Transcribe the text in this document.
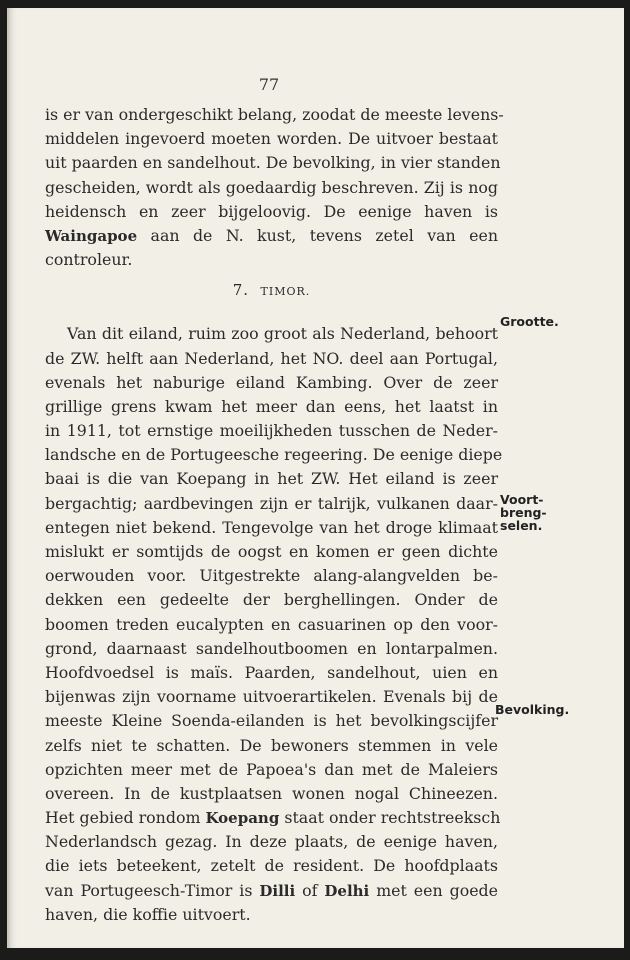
77
is er van ondergeschikt belang, zoodat de meeste levens-
middelen ingevoerd moeten worden. De uitvoer bestaat
uit paarden en sandelhout. De bevolking, in vier standen
gescheiden, wordt als goedaardig beschreven. Zij is nog
heidensch en zeer bijgeloovig. De eenige haven is
Waingapoe aan de N. kust, tevens zetel van een
controleur.
7. TIMOR.
Van dit eiland, ruim zoo groot als Nederland, behoort
de ZW. helft aan Nederland, het NO. deel aan Portugal,
evenals het naburige eiland Kambing. Over de zeer
grillige grens kwam het meer dan eens, het laatst in
in 1911, tot ernstige moeilijkheden tusschen de Neder-
landsche en de Portugeesche regeering. De eenige diepe
baai is die van Koepang in het ZW. Het eiland is zeer
bergachtig; aardbevingen zijn er talrijk, vulkanen daar-
entegen niet bekend. Tengevolge van het droge klimaat
mislukt er somtijds de oogst en komen er geen dichte
oerwouden voor. Uitgestrekte alang-alangvelden be-
dekken een gedeelte der berghellingen. Onder de
boomen treden eucalypten en casuarinen op den voor-
grond, daarnaast sandelhoutboomen en lontarpalmen.
Hoofdvoedsel is maïs. Paarden, sandelhout, uien en
bijenwas zijn voorname uitvoerartikelen. Evenals bij de
meeste Kleine Soenda-eilanden is het bevolkingscijfer
zelfs niet te schatten. De bewoners stemmen in vele
opzichten meer met de Papoea's dan met de Maleiers
overeen. In de kustplaatsen wonen nogal Chineezen.
Het gebied rondom Koepang staat onder rechtstreeksch
Nederlandsch gezag. In deze plaats, de eenige haven,
die iets beteekent, zetelt de resident. De hoofdplaats
van Portugeesch-Timor is Dilli of Delhi met een goede
haven, die koffie uitvoert.
Grootte.
Voort-
breng-
selen.
Bevolking.
